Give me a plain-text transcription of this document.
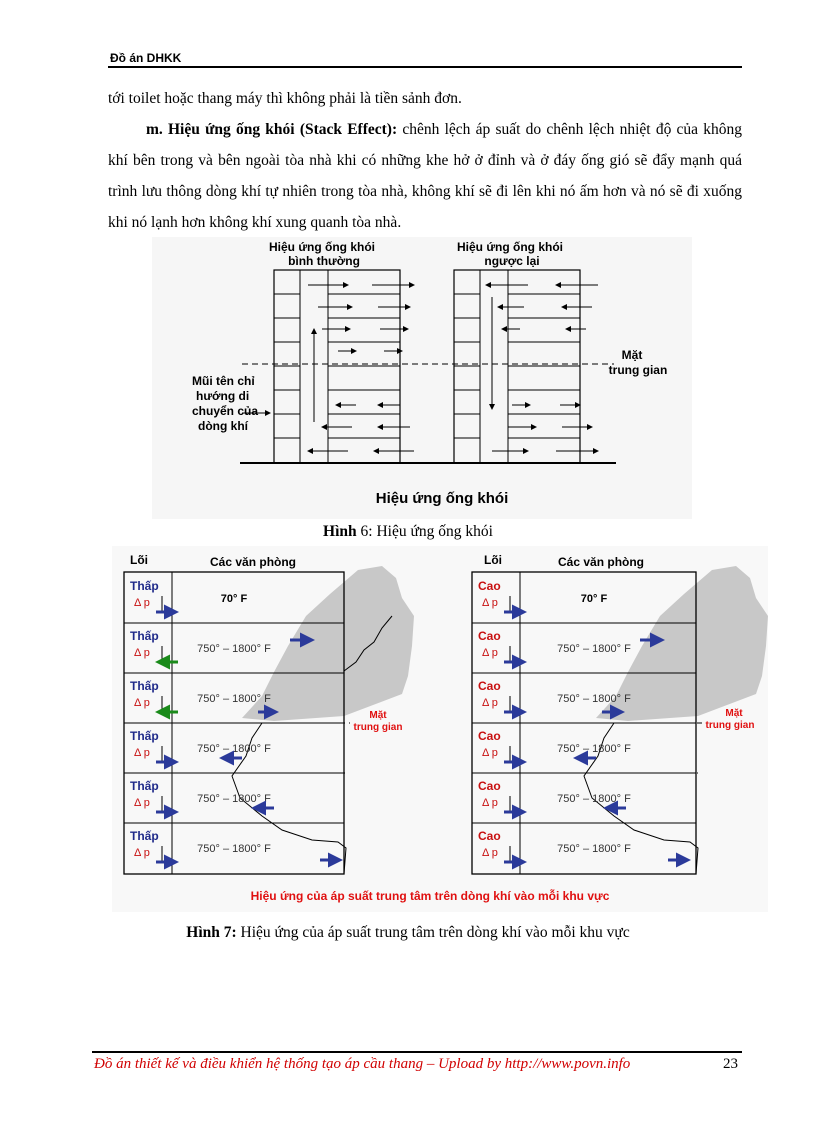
Đồ án DHKK
tới toilet hoặc thang máy thì không phải là tiền sảnh đơn.
m. Hiệu ứng ống khói (Stack Effect): chênh lệch áp suất do chênh lệch nhiệt độ của không khí bên trong và bên ngoài tòa nhà khi có những khe hở ở đỉnh và ở đáy ống gió sẽ đẩy mạnh quá trình lưu thông dòng khí tự nhiên trong tòa nhà, không khí sẽ đi lên khi nó ấm hơn và nó sẽ đi xuống khi nó lạnh hơn không khí xung quanh tòa nhà.
Hiệu ứng ống khói
bình thường
Hiệu ứng ống khói
ngược lại
Mặt
trung gian
Mũi tên chỉ
hướng di
chuyển của
dòng khí
Hiệu ứng ống khói
Hình 6: Hiệu ứng ống khói
Lõi	Các văn phòng	Lõi	Các văn phòng
Thấp
Δ p	70° F
Thấp
Δ p	750° – 1800° F
Thấp
Δ p	750° – 1800° F
Thấp
Δ p	750° – 1800° F
Thấp
Δ p	750° – 1800° F
Thấp
Δ p	750° – 1800° F
Cao
Δ p	70° F
Cao
Δ p	750° – 1800° F
Cao
Δ p	750° – 1800° F
Cao
Δ p	750° – 1800° F
Cao
Δ p	750° – 1800° F
Cao
Δ p	750° – 1800° F
Mặt
trung gian
Mặt
trung gian
Hiệu ứng của áp suất trung tâm trên dòng khí vào mỗi khu vực
Hình 7: Hiệu ứng của áp suất trung tâm trên dòng khí vào mỗi khu vực
Đồ án thiết kế và điều khiển hệ thống tạo áp cầu thang – Upload by http://www.povn.info	23
